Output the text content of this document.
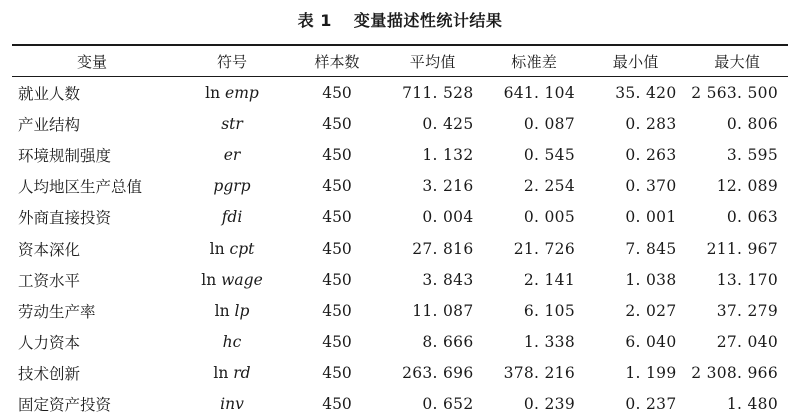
表 1 变量描述性统计结果
变量	符号	样本数	平均值	标准差	最小值	最大值
就业人数	ln emp	450	711. 528	641. 104	35. 420	2 563. 500
产业结构	str	450	0. 425	0. 087	0. 283	0. 806
环境规制强度	er	450	1. 132	0. 545	0. 263	3. 595
人均地区生产总值	pgrp	450	3. 216	2. 254	0. 370	12. 089
外商直接投资	fdi	450	0. 004	0. 005	0. 001	0. 063
资本深化	ln cpt	450	27. 816	21. 726	7. 845	211. 967
工资水平	ln wage	450	3. 843	2. 141	1. 038	13. 170
劳动生产率	ln lp	450	11. 087	6. 105	2. 027	37. 279
人力资本	hc	450	8. 666	1. 338	6. 040	27. 040
技术创新	ln rd	450	263. 696	378. 216	1. 199	2 308. 966
固定资产投资	inv	450	0. 652	0. 239	0. 237	1. 480
